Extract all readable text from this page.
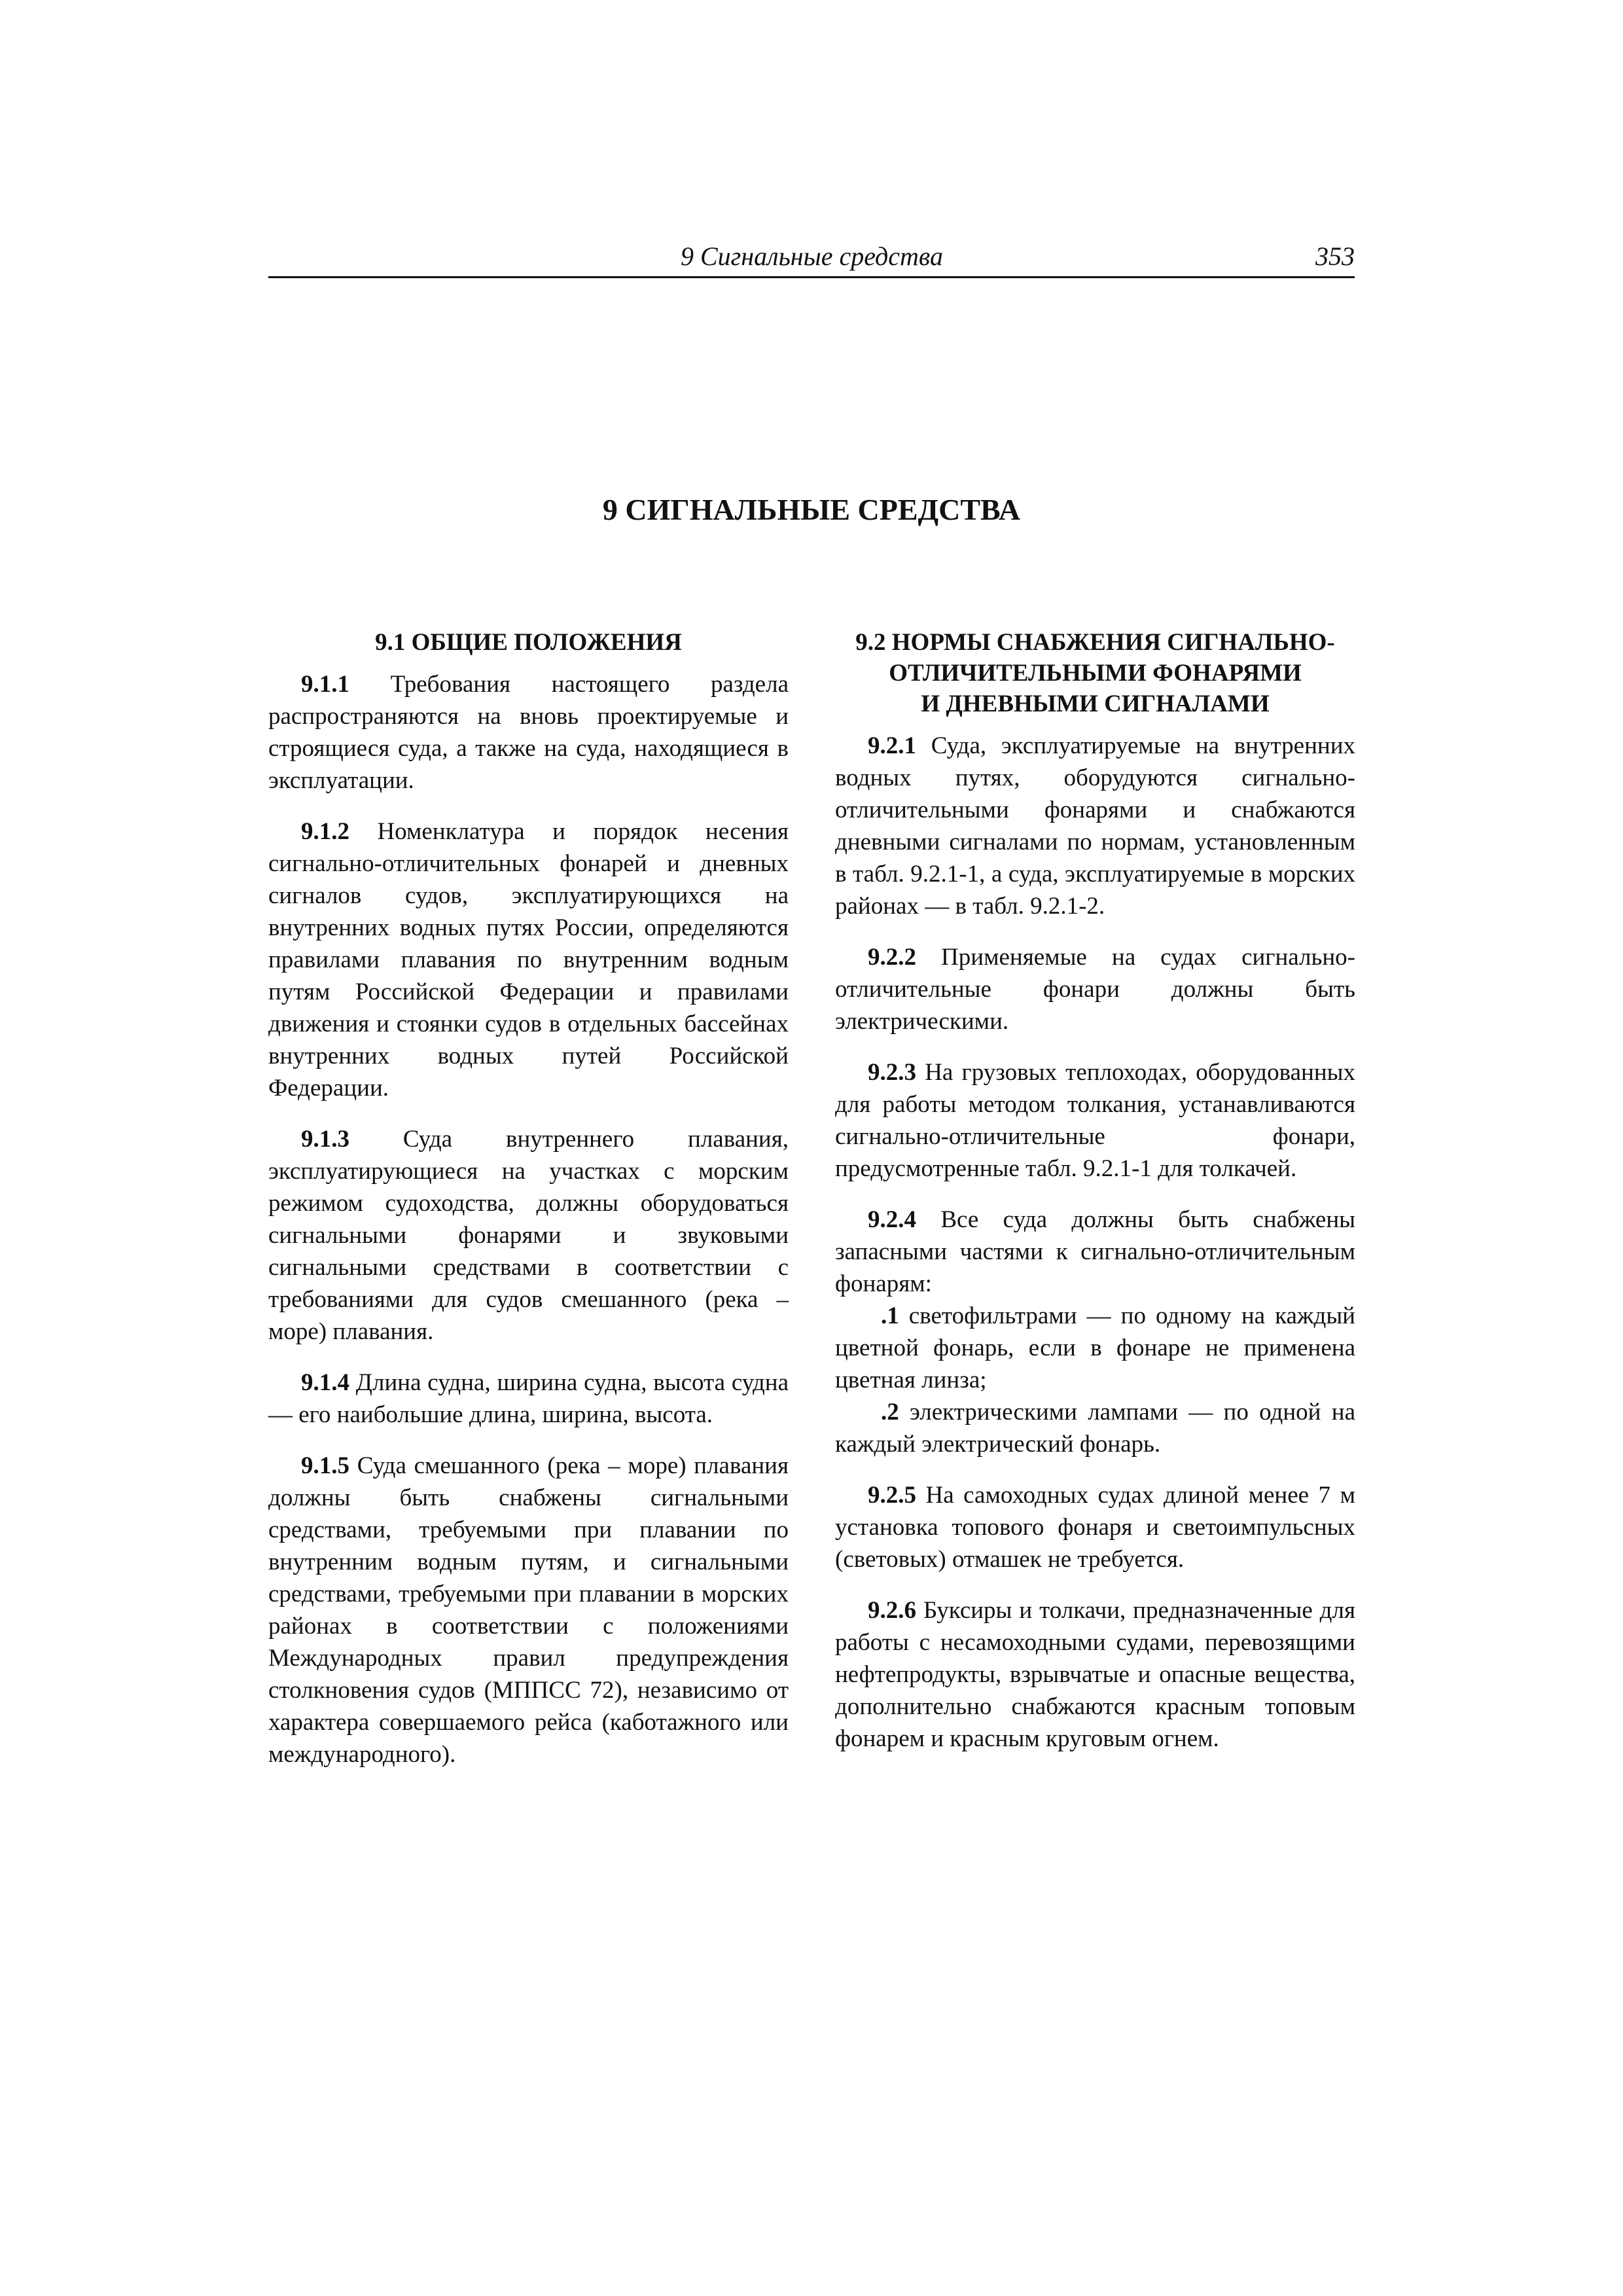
9 Сигнальные средства	353
9 СИГНАЛЬНЫЕ СРЕДСТВА
9.1 ОБЩИЕ ПОЛОЖЕНИЯ

9.1.1 Требования настоящего раздела распространяются на вновь проектируемые и строящиеся суда, а также на суда, находящиеся в эксплуатации.

9.1.2 Номенклатура и порядок несения сигнально-отличительных фонарей и дневных сигналов судов, эксплуатирующихся на внутренних водных путях России, определяются правилами плавания по внутренним водным путям Российской Федерации и правилами движения и стоянки судов в отдельных бассейнах внутренних водных путей Российской Федерации.

9.1.3 Суда внутреннего плавания, эксплуатирующиеся на участках с морским режимом судоходства, должны оборудоваться сигнальными фонарями и звуковыми сигнальными средствами в соответствии с требованиями для судов смешанного (река – море) плавания.

9.1.4 Длина судна, ширина судна, высота судна — его наибольшие длина, ширина, высота.

9.1.5 Суда смешанного (река – море) плавания должны быть снабжены сигнальными средствами, требуемыми при плавании по внутренним водным путям, и сигнальными средствами, требуемыми при плавании в морских районах в соответствии с положениями Международных правил предупреждения столкновения судов (МППСС 72), независимо от характера совершаемого рейса (каботажного или международного).

9.2 НОРМЫ СНАБЖЕНИЯ СИГНАЛЬНО-
ОТЛИЧИТЕЛЬНЫМИ ФОНАРЯМИ
И ДНЕВНЫМИ СИГНАЛАМИ

9.2.1 Суда, эксплуатируемые на внутренних водных путях, оборудуются сигнально-отличительными фонарями и снабжаются дневными сигналами по нормам, установленным в табл. 9.2.1-1, а суда, эксплуатируемые в морских районах — в табл. 9.2.1-2.

9.2.2 Применяемые на судах сигнально-отличительные фонари должны быть электрическими.

9.2.3 На грузовых теплоходах, оборудованных для работы методом толкания, устанавливаются сигнально-отличительные фонари, предусмотренные табл. 9.2.1-1 для толкачей.

9.2.4 Все суда должны быть снабжены запасными частями к сигнально-отличительным фонарям:

.1 светофильтрами — по одному на каждый цветной фонарь, если в фонаре не применена цветная линза;

.2 электрическими лампами — по одной на каждый электрический фонарь.

9.2.5 На самоходных судах длиной менее 7 м установка топового фонаря и светоимпульсных (световых) отмашек не требуется.

9.2.6 Буксиры и толкачи, предназначенные для работы с несамоходными судами, перевозящими нефтепродукты, взрывчатые и опасные вещества, дополнительно снабжаются красным топовым фонарем и красным круговым огнем.
